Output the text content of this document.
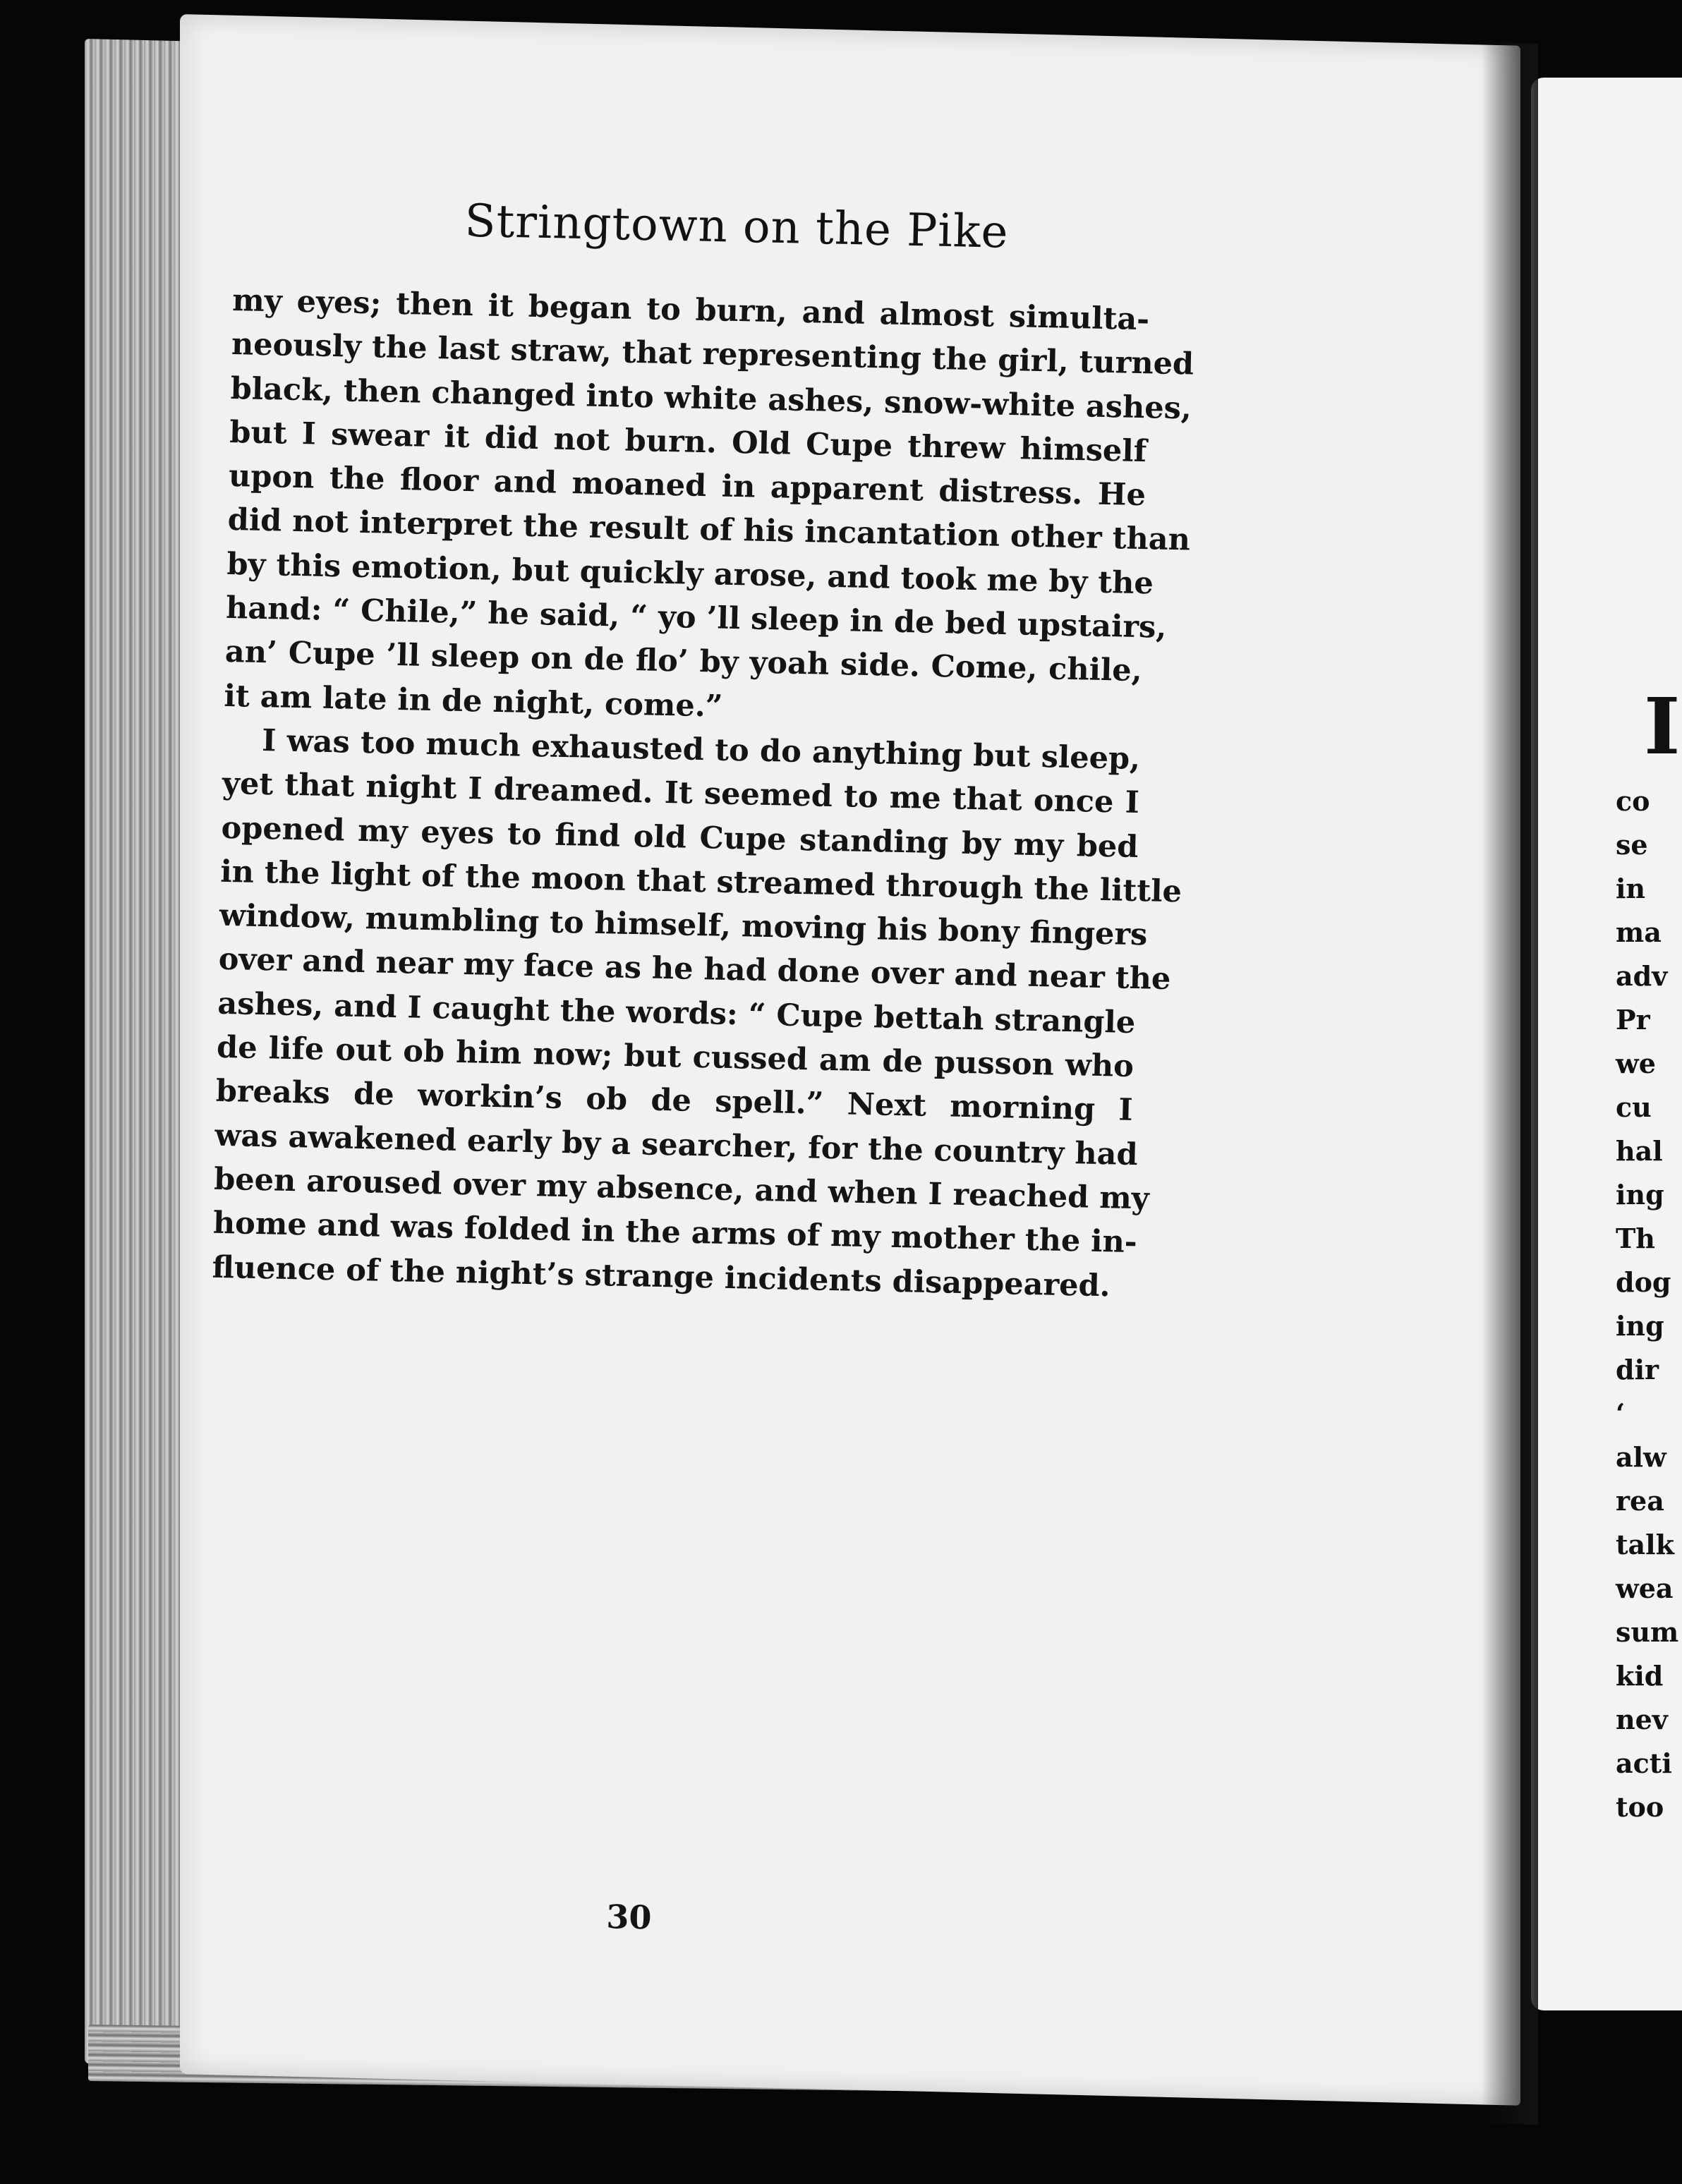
I
co
se
in
ma
adv
Pr
we
cu
hal
ing
Th
dog
ing
dir
‘
alw
rea
talk
wea
sum
kid
nev
acti
too
Stringtown on the Pike
my eyes; then it began to burn, and almost simulta-
neously the last straw, that representing the girl, turned
black, then changed into white ashes, snow-white ashes,
but I swear it did not burn. Old Cupe threw himself
upon the floor and moaned in apparent distress. He
did not interpret the result of his incantation other than
by this emotion, but quickly arose, and took me by the
hand: “ Chile,” he said, “ yo ’ll sleep in de bed upstairs,
an’ Cupe ’ll sleep on de flo’ by yoah side. Come, chile,
it am late in de night, come.”
I was too much exhausted to do anything but sleep,
yet that night I dreamed. It seemed to me that once I
opened my eyes to find old Cupe standing by my bed
in the light of the moon that streamed through the little
window, mumbling to himself, moving his bony fingers
over and near my face as he had done over and near the
ashes, and I caught the words: “ Cupe bettah strangle
de life out ob him now; but cussed am de pusson who
breaks de workin’s ob de spell.” Next morning I
was awakened early by a searcher, for the country had
been aroused over my absence, and when I reached my
home and was folded in the arms of my mother the in-
fluence of the night’s strange incidents disappeared.
30
